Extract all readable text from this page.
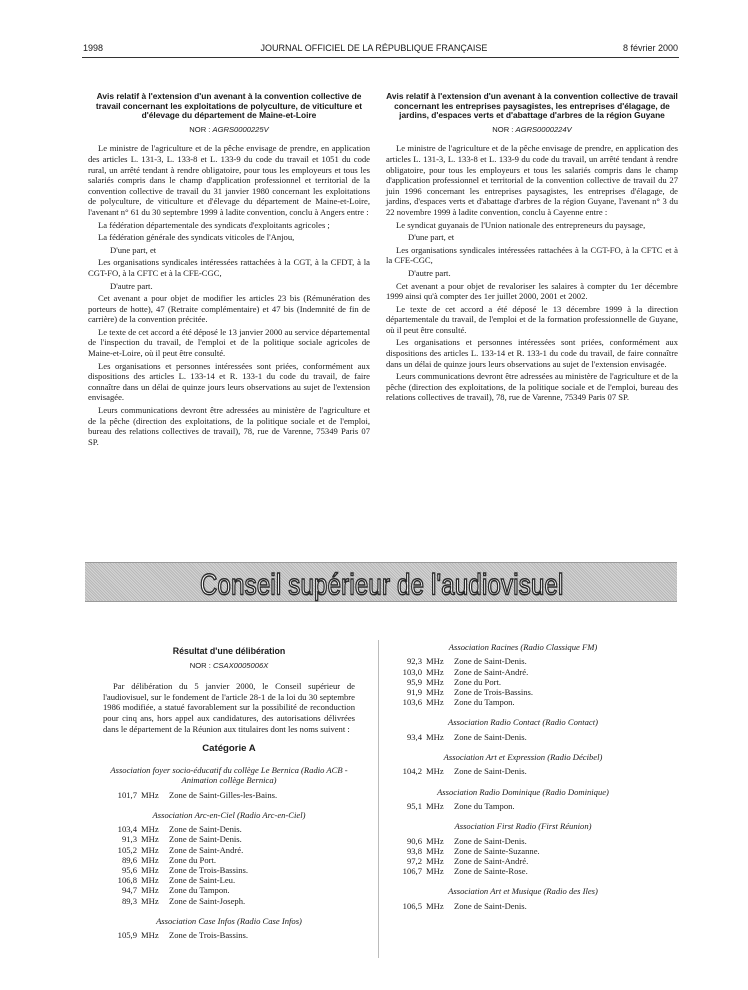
1998	JOURNAL OFFICIEL DE LA RÉPUBLIQUE FRANÇAISE	8 février 2000

Avis relatif à l'extension d'un avenant à la convention collective de travail concernant les exploitations de polyculture, de viticulture et d'élevage du département de Maine-et-Loire

NOR : AGRS0000225V

Le ministre de l'agriculture et de la pêche envisage de prendre, en application des articles L. 131-3, L. 133-8 et L. 133-9 du code du travail et 1051 du code rural, un arrêté tendant à rendre obligatoire, pour tous les employeurs et tous les salariés compris dans le champ d'application professionnel et territorial de la convention collective de travail du 31 janvier 1980 concernant les exploitations de polyculture, de viticulture et d'élevage du département de Maine-et-Loire, l'avenant n° 61 du 30 septembre 1999 à ladite convention, conclu à Angers entre :

La fédération départementale des syndicats d'exploitants agricoles ;

La fédération générale des syndicats viticoles de l'Anjou,

D'une part, et

Les organisations syndicales intéressées rattachées à la CGT, à la CFDT, à la CGT-FO, à la CFTC et à la CFE-CGC,

D'autre part.

Cet avenant a pour objet de modifier les articles 23 bis (Rémunération des porteurs de hotte), 47 (Retraite complémentaire) et 47 bis (Indemnité de fin de carrière) de la convention précitée.

Le texte de cet accord a été déposé le 13 janvier 2000 au service départemental de l'inspection du travail, de l'emploi et de la politique sociale agricoles de Maine-et-Loire, où il peut être consulté.

Les organisations et personnes intéressées sont priées, conformément aux dispositions des articles L. 133-14 et R. 133-1 du code du travail, de faire connaître dans un délai de quinze jours leurs observations au sujet de l'extension envisagée.

Leurs communications devront être adressées au ministère de l'agriculture et de la pêche (direction des exploitations, de la politique sociale et de l'emploi, bureau des relations collectives de travail), 78, rue de Varenne, 75349 Paris 07 SP.

Avis relatif à l'extension d'un avenant à la convention collective de travail concernant les entreprises paysagistes, les entreprises d'élagage, de jardins, d'espaces verts et d'abattage d'arbres de la région Guyane

NOR : AGRS0000224V

Le ministre de l'agriculture et de la pêche envisage de prendre, en application des articles L. 131-3, L. 133-8 et L. 133-9 du code du travail, un arrêté tendant à rendre obligatoire, pour tous les employeurs et tous les salariés compris dans le champ d'application professionnel et territorial de la convention collective de travail du 27 juin 1996 concernant les entreprises paysagistes, les entreprises d'élagage, de jardins, d'espaces verts et d'abattage d'arbres de la région Guyane, l'avenant n° 3 du 22 novembre 1999 à ladite convention, conclu à Cayenne entre :

Le syndicat guyanais de l'Union nationale des entrepreneurs du paysage,

D'une part, et

Les organisations syndicales intéressées rattachées à la CGT-FO, à la CFTC et à la CFE-CGC,

D'autre part.

Cet avenant a pour objet de revaloriser les salaires à compter du 1er décembre 1999 ainsi qu'à compter des 1er juillet 2000, 2001 et 2002.

Le texte de cet accord a été déposé le 13 décembre 1999 à la direction départementale du travail, de l'emploi et de la formation professionnelle de Guyane, où il peut être consulté.

Les organisations et personnes intéressées sont priées, conformément aux dispositions des articles L. 133-14 et R. 133-1 du code du travail, de faire connaître dans un délai de quinze jours leurs observations au sujet de l'extension envisagée.

Leurs communications devront être adressées au ministère de l'agriculture et de la pêche (direction des exploitations, de la politique sociale et de l'emploi, bureau des relations collectives de travail), 78, rue de Varenne, 75349 Paris 07 SP.

Conseil supérieur de l'audiovisuel

Résultat d'une délibération

NOR : CSAX0005006X

Par délibération du 5 janvier 2000, le Conseil supérieur de l'audiovisuel, sur le fondement de l'article 28-1 de la loi du 30 septembre 1986 modifiée, a statué favorablement sur la possibilité de reconduction pour cinq ans, hors appel aux candidatures, des autorisations délivrées dans le département de la Réunion aux titulaires dont les noms suivent :

Catégorie A

Association foyer socio-éducatif du collège Le Bernica (Radio ACB - Animation collège Bernica)

101,7 MHz	Zone de Saint-Gilles-les-Bains.

Association Arc-en-Ciel (Radio Arc-en-Ciel)

103,4 MHz	Zone de Saint-Denis.
91,3 MHz	Zone de Saint-Denis.
105,2 MHz	Zone de Saint-André.
89,6 MHz	Zone du Port.
95,6 MHz	Zone de Trois-Bassins.
106,8 MHz	Zone de Saint-Leu.
94,7 MHz	Zone du Tampon.
89,3 MHz	Zone de Saint-Joseph.

Association Case Infos (Radio Case Infos)

105,9 MHz	Zone de Trois-Bassins.

Association Racines (Radio Classique FM)

92,3 MHz	Zone de Saint-Denis.
103,0 MHz	Zone de Saint-André.
95,9 MHz	Zone du Port.
91,9 MHz	Zone de Trois-Bassins.
103,6 MHz	Zone du Tampon.

Association Radio Contact (Radio Contact)

93,4 MHz	Zone de Saint-Denis.

Association Art et Expression (Radio Décibel)

104,2 MHz	Zone de Saint-Denis.

Association Radio Dominique (Radio Dominique)

95,1 MHz	Zone du Tampon.

Association First Radio (First Réunion)

90,6 MHz	Zone de Saint-Denis.
93,8 MHz	Zone de Sainte-Suzanne.
97,2 MHz	Zone de Saint-André.
106,7 MHz	Zone de Sainte-Rose.

Association Art et Musique (Radio des Iles)

106,5 MHz	Zone de Saint-Denis.
